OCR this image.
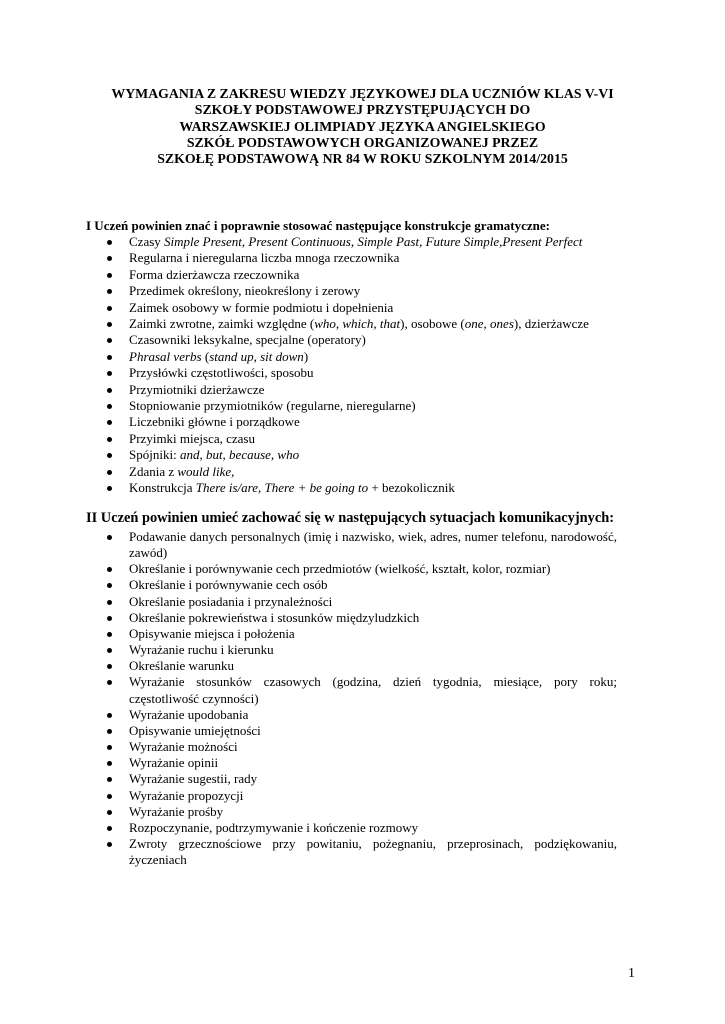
WYMAGANIA Z ZAKRESU WIEDZY JĘZYKOWEJ DLA UCZNIÓW KLAS V-VI
SZKOŁY PODSTAWOWEJ PRZYSTĘPUJĄCYCH DO
WARSZAWSKIEJ OLIMPIADY JĘZYKA ANGIELSKIEGO
SZKÓŁ PODSTAWOWYCH ORGANIZOWANEJ PRZEZ
SZKOŁĘ PODSTAWOWĄ NR 84 W ROKU SZKOLNYM 2014/2015

I Uczeń powinien znać i poprawnie stosować następujące konstrukcje gramatyczne:

Czasy Simple Present, Present Continuous, Simple Past, Future Simple,Present Perfect
Regularna i nieregularna liczba mnoga rzeczownika
Forma dzierżawcza rzeczownika
Przedimek określony, nieokreślony i zerowy
Zaimek osobowy w formie podmiotu i dopełnienia
Zaimki zwrotne, zaimki względne (who, which, that), osobowe (one, ones), dzierżawcze
Czasowniki leksykalne, specjalne (operatory)
Phrasal verbs (stand up, sit down)
Przysłówki częstotliwości, sposobu
Przymiotniki dzierżawcze
Stopniowanie przymiotników (regularne, nieregularne)
Liczebniki główne i porządkowe
Przyimki miejsca, czasu
Spójniki: and, but, because, who
Zdania z would like,
Konstrukcja There is/are, There + be going to + bezokolicznik

II Uczeń powinien umieć zachować się w następujących sytuacjach komunikacyjnych:

Podawanie danych personalnych (imię i nazwisko, wiek, adres, numer telefonu, narodowość, zawód)
Określanie i porównywanie cech przedmiotów (wielkość, kształt, kolor, rozmiar)
Określanie i porównywanie cech osób
Określanie posiadania i przynależności
Określanie pokrewieństwa i stosunków międzyludzkich
Opisywanie miejsca i położenia
Wyrażanie ruchu i kierunku
Określanie warunku
Wyrażanie stosunków czasowych (godzina, dzień tygodnia, miesiące, pory roku; częstotliwość czynności)
Wyrażanie upodobania
Opisywanie umiejętności
Wyrażanie możności
Wyrażanie opinii
Wyrażanie sugestii, rady
Wyrażanie propozycji
Wyrażanie prośby
Rozpoczynanie, podtrzymywanie i kończenie rozmowy
Zwroty grzecznościowe przy powitaniu, pożegnaniu, przeprosinach, podziękowaniu, życzeniach

1
